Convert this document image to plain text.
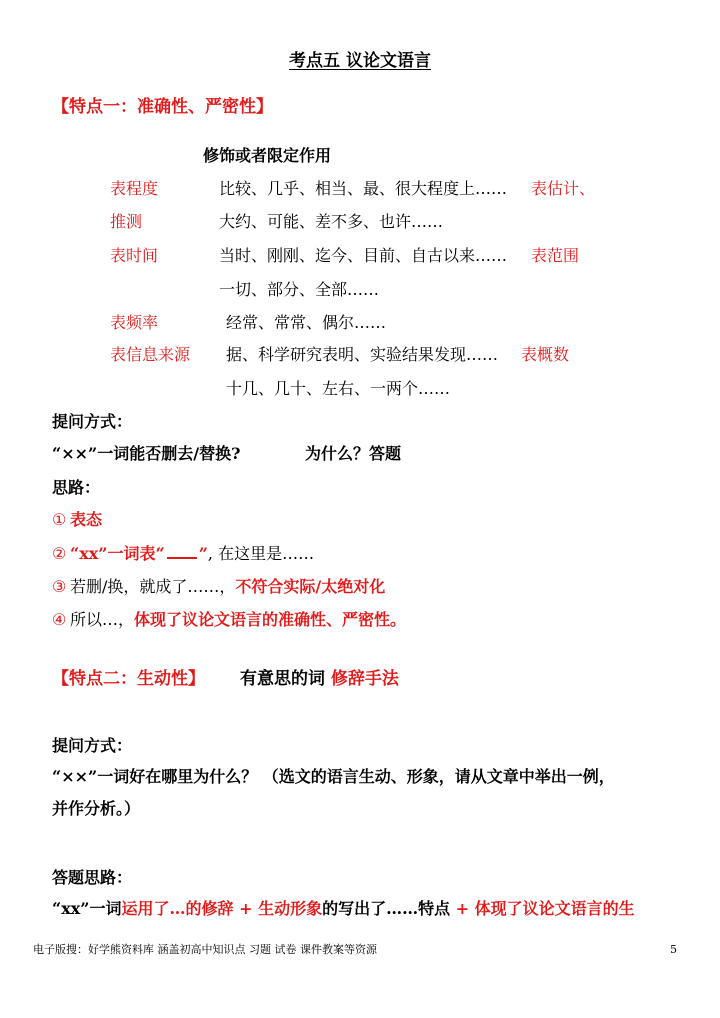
考点五 议论文语言
【特点一：准确性、严密性】
修饰或者限定作用
表程度	比较、几乎、相当、最、很大程度上…… 表估计、
推测	大约、可能、差不多、也许……
表时间	当时、刚刚、迄今、目前、自古以来…… 表范围
一切、部分、全部……
表频率	经常、常常、偶尔……
表信息来源 据、科学研究表明、实验结果发现…… 表概数
十几、几十、左右、一两个……
提问方式：
“××”一词能否删去/替换?	为什么？答题
思路：
① 表态
② “xx”一词表“ ”, 在这里是……
③ 若删/换，就成了……，不符合实际/太绝对化
④ 所以…，体现了议论文语言的准确性、严密性。
【特点二：生动性】 有意思的词 修辞手法
提问方式：
“××”一词好在哪里为什么？ （选文的语言生动、形象，请从文章中举出一例，
并作分析。）
答题思路：
“xx”一词运用了…的修辞 + 生动形象的写出了……特点 + 体现了议论文语言的生
电子版搜：好学熊资料库 涵盖初高中知识点 习题 试卷 课件教案等资源	5
